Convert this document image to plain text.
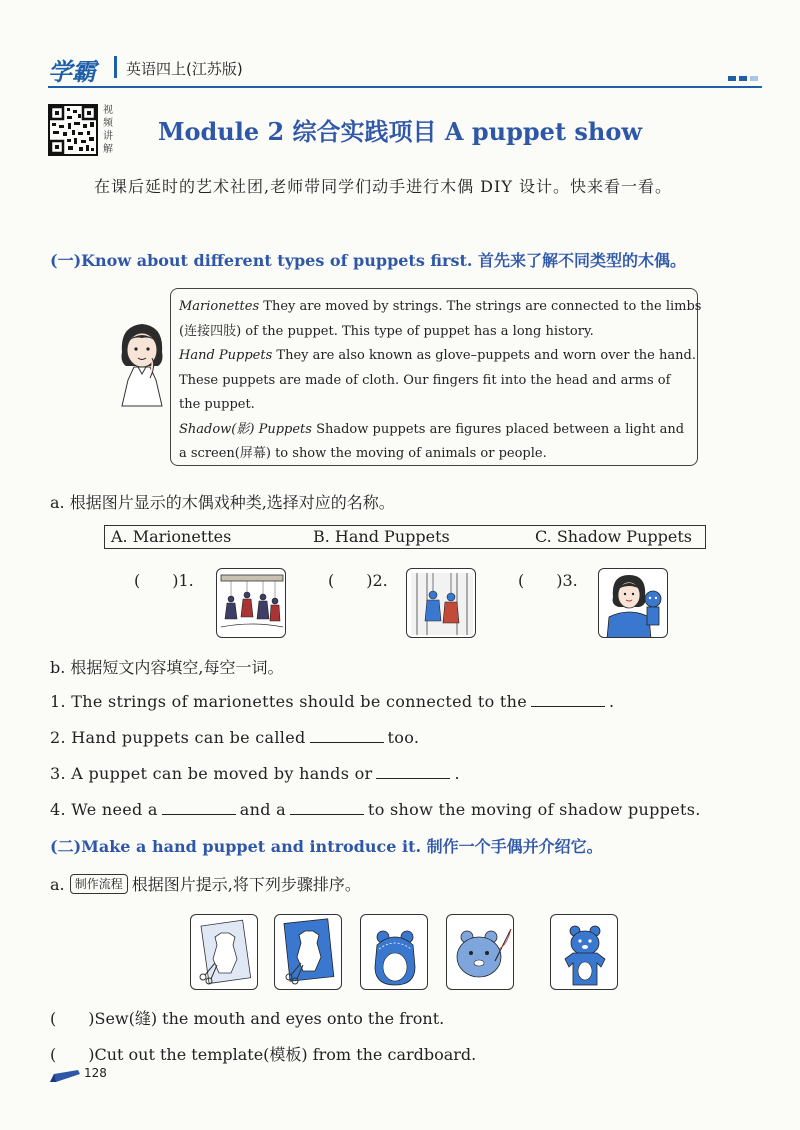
学霸 英语四上(江苏版)
视频讲解
Module 2 综合实践项目 A puppet show
在课后延时的艺术社团,老师带同学们动手进行木偶 DIY 设计。快来看一看。
(一)Know about different types of puppets first. 首先来了解不同类型的木偶。
Marionettes They are moved by strings. The strings are connected to the limbs
(连接四肢) of the puppet. This type of puppet has a long history.
Hand Puppets They are also known as glove–puppets and worn over the hand.
These puppets are made of cloth. Our fingers fit into the head and arms of
the puppet.
Shadow(影) Puppets Shadow puppets are figures placed between a light and
a screen(屏幕) to show the moving of animals or people.
a. 根据图片显示的木偶戏种类,选择对应的名称。
A. Marionettes	B. Hand Puppets	C. Shadow Puppets
(　　)1.	(　　)2.	(　　)3.
b. 根据短文内容填空,每空一词。
1. The strings of marionettes should be connected to the	.
2. Hand puppets can be called	too.
3. A puppet can be moved by hands or	.
4. We need a	and a	to show the moving of shadow puppets.
(二)Make a hand puppet and introduce it. 制作一个手偶并介绍它。
a. 制作流程 根据图片提示,将下列步骤排序。
(　　)Sew(缝) the mouth and eyes onto the front.
(　　)Cut out the template(模板) from the cardboard.
128
